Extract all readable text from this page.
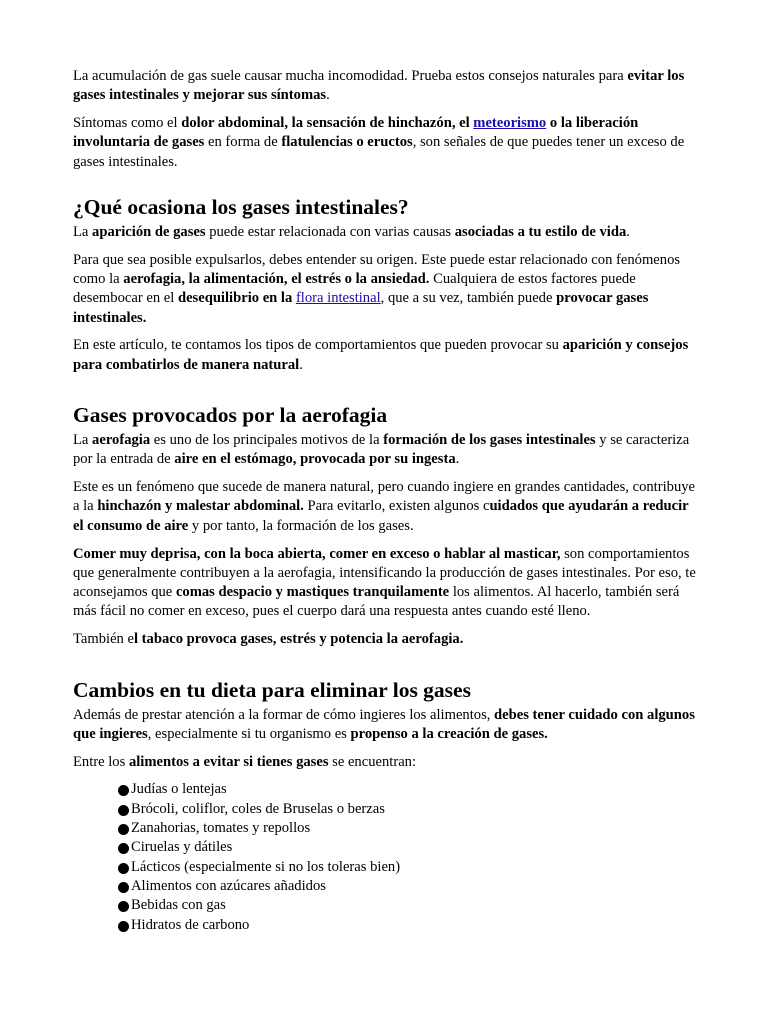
La acumulación de gas suele causar mucha incomodidad. Prueba estos consejos naturales para evitar los gases intestinales y mejorar sus síntomas.

Síntomas como el dolor abdominal, la sensación de hinchazón, el meteorismo o la liberación involuntaria de gases en forma de flatulencias o eructos, son señales de que puedes tener un exceso de gases intestinales.

¿Qué ocasiona los gases intestinales?

La aparición de gases puede estar relacionada con varias causas asociadas a tu estilo de vida.

Para que sea posible expulsarlos, debes entender su origen. Este puede estar relacionado con fenómenos como la aerofagia, la alimentación, el estrés o la ansiedad. Cualquiera de estos factores puede desembocar en el desequilibrio en la flora intestinal, que a su vez, también puede provocar gases intestinales.

En este artículo, te contamos los tipos de comportamientos que pueden provocar su aparición y consejos para combatirlos de manera natural.

Gases provocados por la aerofagia

La aerofagia es uno de los principales motivos de la formación de los gases intestinales y se caracteriza por la entrada de aire en el estómago, provocada por su ingesta.

Este es un fenómeno que sucede de manera natural, pero cuando ingiere en grandes cantidades, contribuye a la hinchazón y malestar abdominal. Para evitarlo, existen algunos cuidados que ayudarán a reducir el consumo de aire y por tanto, la formación de los gases.

Comer muy deprisa, con la boca abierta, comer en exceso o hablar al masticar, son comportamientos que generalmente contribuyen a la aerofagia, intensificando la producción de gases intestinales. Por eso, te aconsejamos que comas despacio y mastiques tranquilamente los alimentos. Al hacerlo, también será más fácil no comer en exceso, pues el cuerpo dará una respuesta antes cuando esté lleno.

También el tabaco provoca gases, estrés y potencia la aerofagia.

Cambios en tu dieta para eliminar los gases

Además de prestar atención a la formar de cómo ingieres los alimentos, debes tener cuidado con algunos que ingieres, especialmente si tu organismo es propenso a la creación de gases.

Entre los alimentos a evitar si tienes gases se encuentran:

Judías o lentejas
Brócoli, coliflor, coles de Bruselas o berzas
Zanahorias, tomates y repollos
Ciruelas y dátiles
Lácticos (especialmente si no los toleras bien)
Alimentos con azúcares añadidos
Bebidas con gas
Hidratos de carbono
